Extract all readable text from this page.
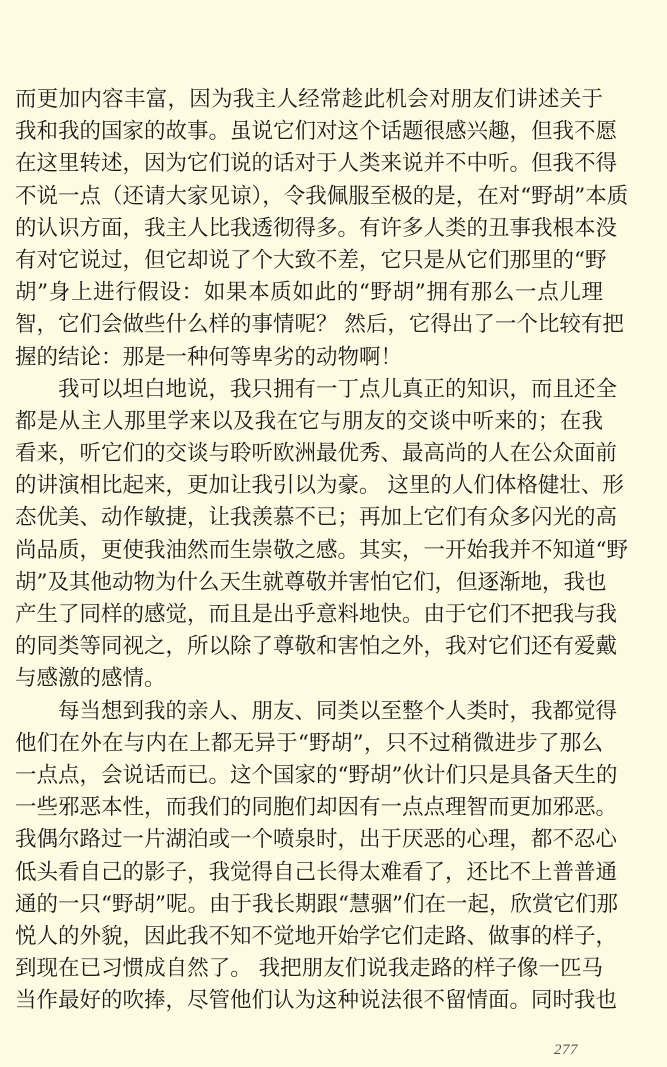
而更加内容丰富，因为我主人经常趁此机会对朋友们讲述关于
我和我的国家的故事。虽说它们对这个话题很感兴趣，但我不愿
在这里转述，因为它们说的话对于人类来说并不中听。但我不得
不说一点（还请大家见谅），令我佩服至极的是，在对“野胡”本质
的认识方面，我主人比我透彻得多。有许多人类的丑事我根本没
有对它说过，但它却说了个大致不差，它只是从它们那里的“野
胡”身上进行假设：如果本质如此的“野胡”拥有那么一点儿理
智，它们会做些什么样的事情呢？ 然后，它得出了一个比较有把
握的结论：那是一种何等卑劣的动物啊！
我可以坦白地说，我只拥有一丁点儿真正的知识，而且还全
都是从主人那里学来以及我在它与朋友的交谈中听来的；在我
看来，听它们的交谈与聆听欧洲最优秀、最高尚的人在公众面前
的讲演相比起来，更加让我引以为豪。 这里的人们体格健壮、形
态优美、动作敏捷，让我羡慕不已；再加上它们有众多闪光的高
尚品质，更使我油然而生崇敬之感。其实，一开始我并不知道“野
胡”及其他动物为什么天生就尊敬并害怕它们，但逐渐地，我也
产生了同样的感觉，而且是出乎意料地快。由于它们不把我与我
的同类等同视之，所以除了尊敬和害怕之外，我对它们还有爱戴
与感激的感情。
每当想到我的亲人、朋友、同类以至整个人类时，我都觉得
他们在外在与内在上都无异于“野胡”，只不过稍微进步了那么
一点点，会说话而已。这个国家的“野胡”伙计们只是具备天生的
一些邪恶本性，而我们的同胞们却因有一点点理智而更加邪恶。
我偶尔路过一片湖泊或一个喷泉时，出于厌恶的心理，都不忍心
低头看自己的影子，我觉得自己长得太难看了，还比不上普普通
通的一只“野胡”呢。由于我长期跟“慧骃”们在一起，欣赏它们那
悦人的外貌，因此我不知不觉地开始学它们走路、做事的样子，
到现在已习惯成自然了。 我把朋友们说我走路的样子像一匹马
当作最好的吹捧，尽管他们认为这种说法很不留情面。同时我也
277
